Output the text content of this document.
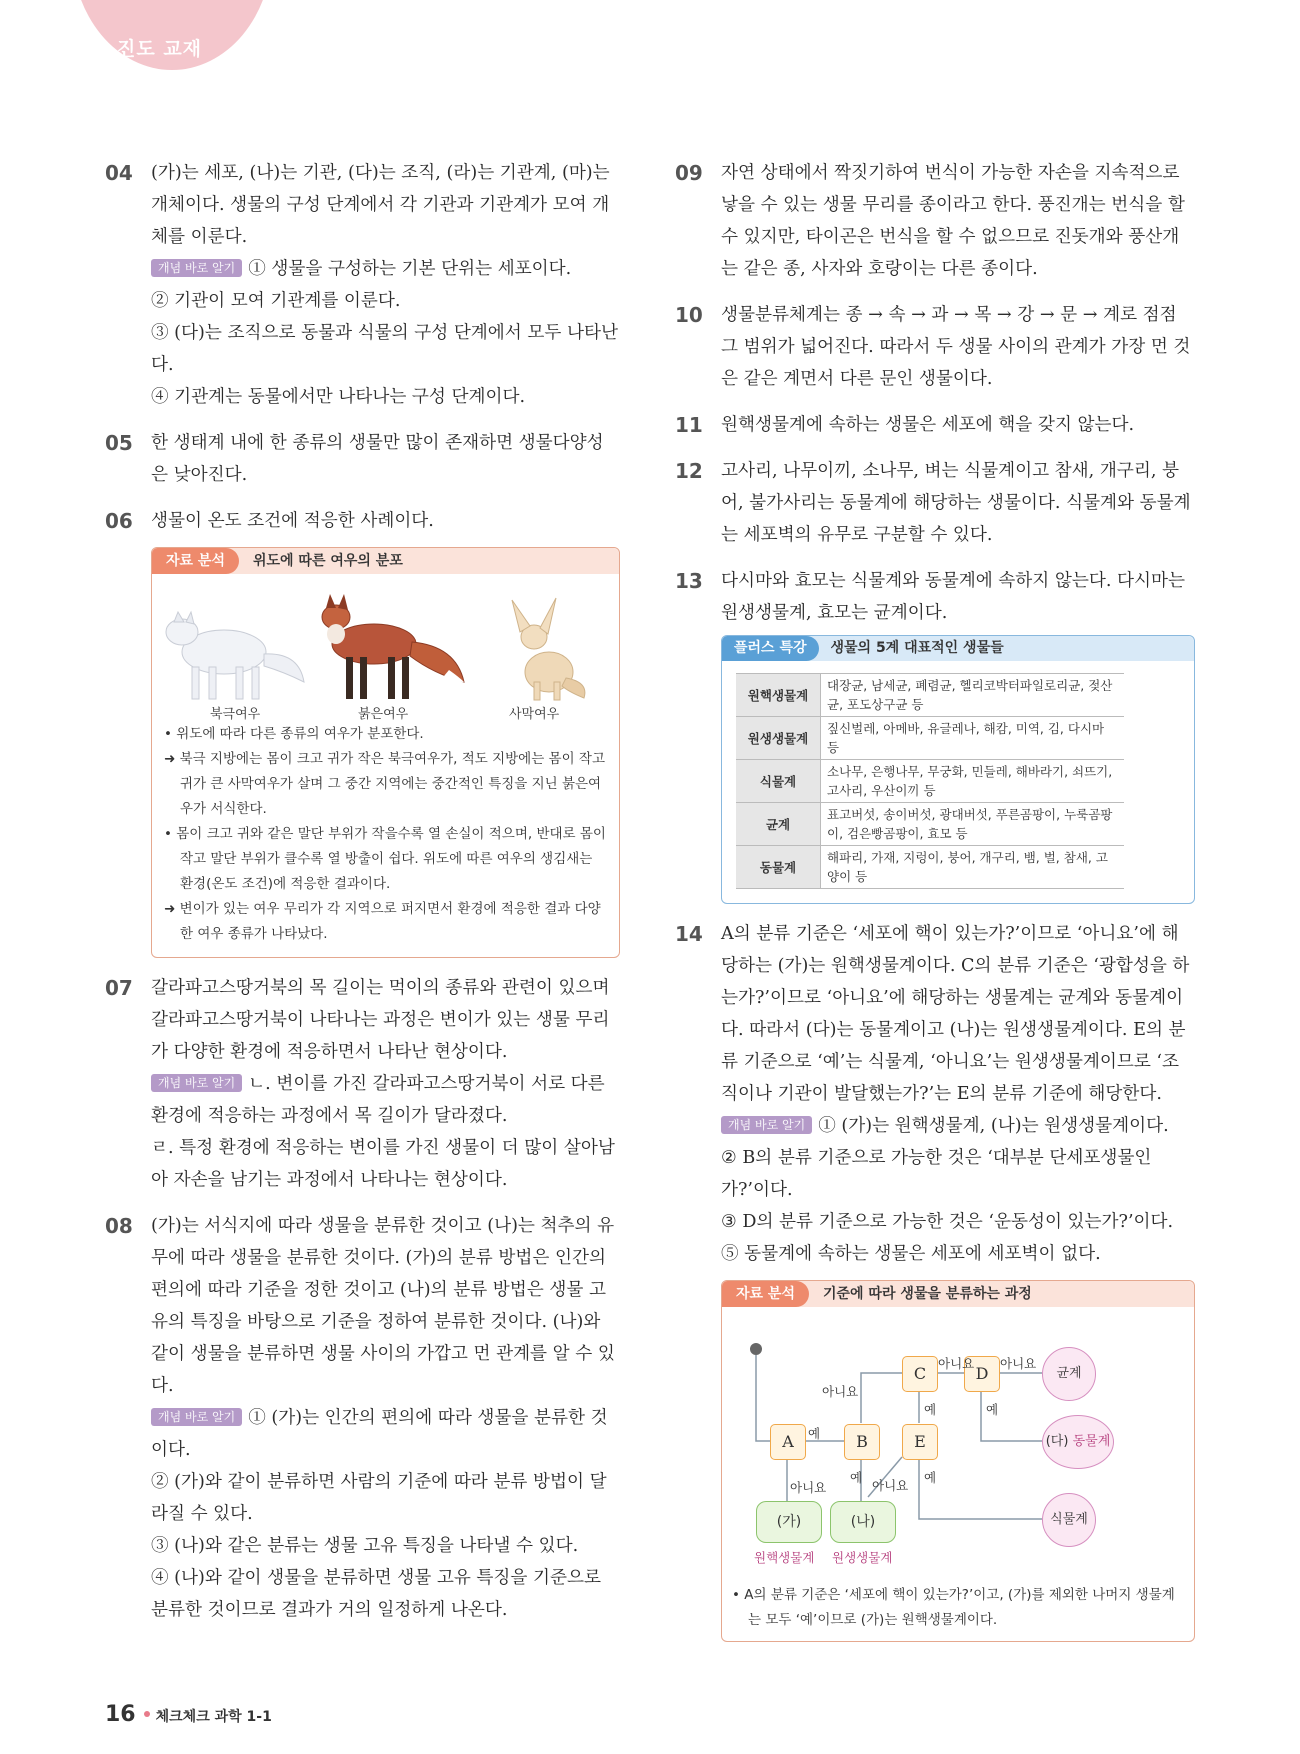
진도 교재
04 (가)는 세포, (나)는 기관, (다)는 조직, (라)는 기관계, (마)는 개체이다. 생물의 구성 단계에서 각 기관과 기관계가 모여 개체를 이룬다.

개념 바로 알기 ① 생물을 구성하는 기본 단위는 세포이다.

② 기관이 모여 기관계를 이룬다.

③ (다)는 조직으로 동물과 식물의 구성 단계에서 모두 나타난다.

④ 기관계는 동물에서만 나타나는 구성 단계이다.

05 한 생태계 내에 한 종류의 생물만 많이 존재하면 생물다양성은 낮아진다.

06 생물이 온도 조건에 적응한 사례이다.

자료 분석 위도에 따른 여우의 분포
북극여우	붉은여우	사막여우

• 위도에 따라 다른 종류의 여우가 분포한다.

➜ 북극 지방에는 몸이 크고 귀가 작은 북극여우가, 적도 지방에는 몸이 작고 귀가 큰 사막여우가 살며 그 중간 지역에는 중간적인 특징을 지닌 붉은여우가 서식한다.

• 몸이 크고 귀와 같은 말단 부위가 작을수록 열 손실이 적으며, 반대로 몸이 작고 말단 부위가 클수록 열 방출이 쉽다. 위도에 따른 여우의 생김새는 환경(온도 조건)에 적응한 결과이다.

➜ 변이가 있는 여우 무리가 각 지역으로 퍼지면서 환경에 적응한 결과 다양한 여우 종류가 나타났다.

07 갈라파고스땅거북의 목 길이는 먹이의 종류와 관련이 있으며 갈라파고스땅거북이 나타나는 과정은 변이가 있는 생물 무리가 다양한 환경에 적응하면서 나타난 현상이다.

개념 바로 알기 ㄴ. 변이를 가진 갈라파고스땅거북이 서로 다른 환경에 적응하는 과정에서 목 길이가 달라졌다.

ㄹ. 특정 환경에 적응하는 변이를 가진 생물이 더 많이 살아남아 자손을 남기는 과정에서 나타나는 현상이다.

08 (가)는 서식지에 따라 생물을 분류한 것이고 (나)는 척추의 유무에 따라 생물을 분류한 것이다. (가)의 분류 방법은 인간의 편의에 따라 기준을 정한 것이고 (나)의 분류 방법은 생물 고유의 특징을 바탕으로 기준을 정하여 분류한 것이다. (나)와 같이 생물을 분류하면 생물 사이의 가깝고 먼 관계를 알 수 있다.

개념 바로 알기 ① (가)는 인간의 편의에 따라 생물을 분류한 것이다.

② (가)와 같이 분류하면 사람의 기준에 따라 분류 방법이 달라질 수 있다.

③ (나)와 같은 분류는 생물 고유 특징을 나타낼 수 있다.

④ (나)와 같이 생물을 분류하면 생물 고유 특징을 기준으로 분류한 것이므로 결과가 거의 일정하게 나온다.

09 자연 상태에서 짝짓기하여 번식이 가능한 자손을 지속적으로 낳을 수 있는 생물 무리를 종이라고 한다. 풍진개는 번식을 할 수 있지만, 타이곤은 번식을 할 수 없으므로 진돗개와 풍산개는 같은 종, 사자와 호랑이는 다른 종이다.

10 생물분류체계는 종 → 속 → 과 → 목 → 강 → 문 → 계로 점점 그 범위가 넓어진다. 따라서 두 생물 사이의 관계가 가장 먼 것은 같은 계면서 다른 문인 생물이다.

11 원핵생물계에 속하는 생물은 세포에 핵을 갖지 않는다.

12 고사리, 나무이끼, 소나무, 벼는 식물계이고 참새, 개구리, 붕어, 불가사리는 동물계에 해당하는 생물이다. 식물계와 동물계는 세포벽의 유무로 구분할 수 있다.

13 다시마와 효모는 식물계와 동물계에 속하지 않는다. 다시마는 원생생물계, 효모는 균계이다.

플러스 특강 생물의 5계 대표적인 생물들
원핵생물계	대장균, 남세균, 폐렴균, 헬리코박터파일로리균, 젖산균, 포도상구균 등
원생생물계	짚신벌레, 아메바, 유글레나, 해캄, 미역, 김, 다시마 등
식물계	소나무, 은행나무, 무궁화, 민들레, 해바라기, 쇠뜨기, 고사리, 우산이끼 등
균계	표고버섯, 송이버섯, 광대버섯, 푸른곰팡이, 누룩곰팡이, 검은빵곰팡이, 효모 등
동물계	해파리, 가재, 지렁이, 붕어, 개구리, 뱀, 벌, 참새, 고양이 등
14 A의 분류 기준은 ‘세포에 핵이 있는가?’이므로 ‘아니요’에 해당하는 (가)는 원핵생물계이다. C의 분류 기준은 ‘광합성을 하는가?’이므로 ‘아니요’에 해당하는 생물계는 균계와 동물계이다. 따라서 (다)는 동물계이고 (나)는 원생생물계이다. E의 분류 기준으로 ‘예’는 식물계, ‘아니요’는 원생생물계이므로 ‘조직이나 기관이 발달했는가?’는 E의 분류 기준에 해당한다.

개념 바로 알기 ① (가)는 원핵생물계, (나)는 원생생물계이다.

② B의 분류 기준으로 가능한 것은 ‘대부분 단세포생물인가?’이다.

③ D의 분류 기준으로 가능한 것은 ‘운동성이 있는가?’이다.

⑤ 동물계에 속하는 생물은 세포에 세포벽이 없다.

자료 분석 기준에 따라 생물을 분류하는 과정
A	B
C	D
E
예
아니요
아니요
예
아니요
예
아니요
예
예
아니요
균계
(다) 동물계
식물계
(가)	(나)
원핵생물계 원생생물계

• A의 분류 기준은 ‘세포에 핵이 있는가?’이고, (가)를 제외한 나머지 생물계는 모두 ‘예’이므로 (가)는 원핵생물계이다.

16 체크체크 과학 1-1
